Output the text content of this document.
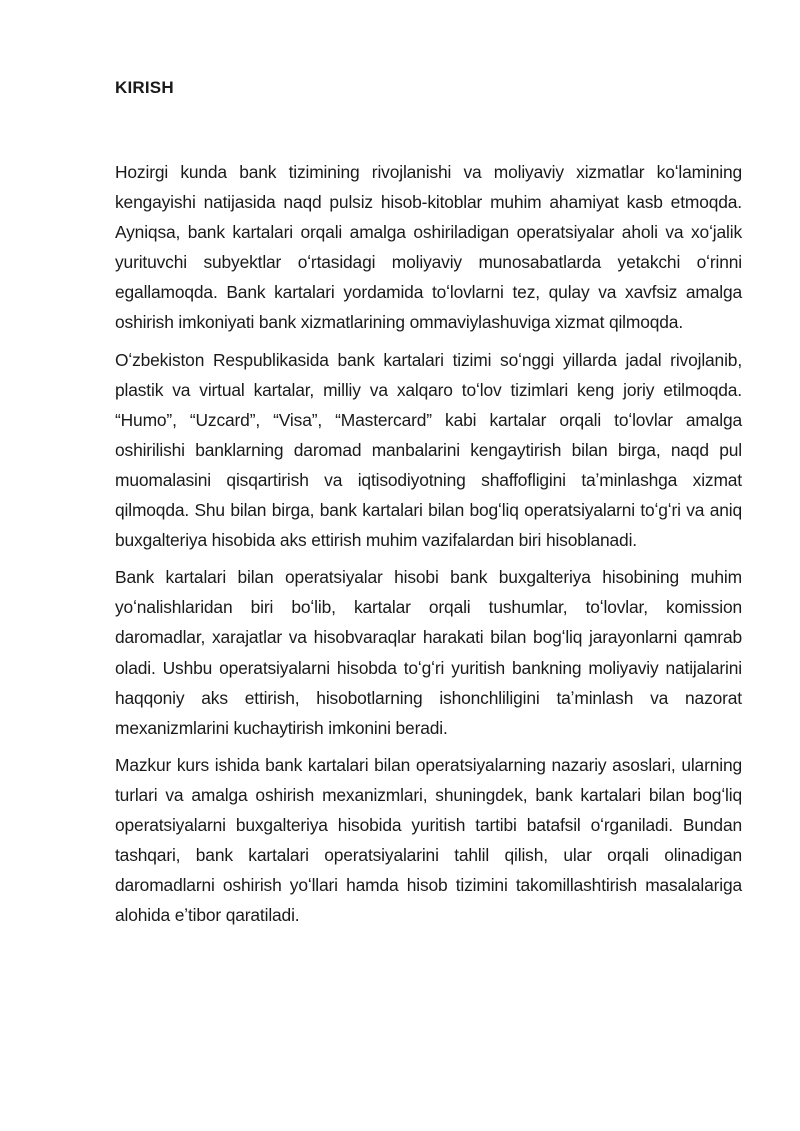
KIRISH

Hozirgi kunda bank tizimining rivojlanishi va moliyaviy xizmatlar koʻlamining kengayishi natijasida naqd pulsiz hisob-kitoblar muhim ahamiyat kasb etmoqda. Ayniqsa, bank kartalari orqali amalga oshiriladigan operatsiyalar aholi va xoʻjalik yurituvchi subyektlar oʻrtasidagi moliyaviy munosabatlarda yetakchi oʻrinni egallamoqda. Bank kartalari yordamida toʻlovlarni tez, qulay va xavfsiz amalga oshirish imkoniyati bank xizmatlarining ommaviylashuviga xizmat qilmoqda.

Oʻzbekiston Respublikasida bank kartalari tizimi soʻnggi yillarda jadal rivojlanib, plastik va virtual kartalar, milliy va xalqaro toʻlov tizimlari keng joriy etilmoqda. “Humo”, “Uzcard”, “Visa”, “Mastercard” kabi kartalar orqali toʻlovlar amalga oshirilishi banklarning daromad manbalarini kengaytirish bilan birga, naqd pul muomalasini qisqartirish va iqtisodiyotning shaffofligini taʼminlashga xizmat qilmoqda. Shu bilan birga, bank kartalari bilan bogʻliq operatsiyalarni toʻgʻri va aniq buxgalteriya hisobida aks ettirish muhim vazifalardan biri hisoblanadi.

Bank kartalari bilan operatsiyalar hisobi bank buxgalteriya hisobining muhim yoʻnalishlaridan biri boʻlib, kartalar orqali tushumlar, toʻlovlar, komission daromadlar, xarajatlar va hisobvaraqlar harakati bilan bogʻliq jarayonlarni qamrab oladi. Ushbu operatsiyalarni hisobda toʻgʻri yuritish bankning moliyaviy natijalarini haqqoniy aks ettirish, hisobotlarning ishonchliligini taʼminlash va nazorat mexanizmlarini kuchaytirish imkonini beradi.

Mazkur kurs ishida bank kartalari bilan operatsiyalarning nazariy asoslari, ularning turlari va amalga oshirish mexanizmlari, shuningdek, bank kartalari bilan bogʻliq operatsiyalarni buxgalteriya hisobida yuritish tartibi batafsil oʻrganiladi. Bundan tashqari, bank kartalari operatsiyalarini tahlil qilish, ular orqali olinadigan daromadlarni oshirish yoʻllari hamda hisob tizimini takomillashtirish masalalariga alohida eʼtibor qaratiladi.
